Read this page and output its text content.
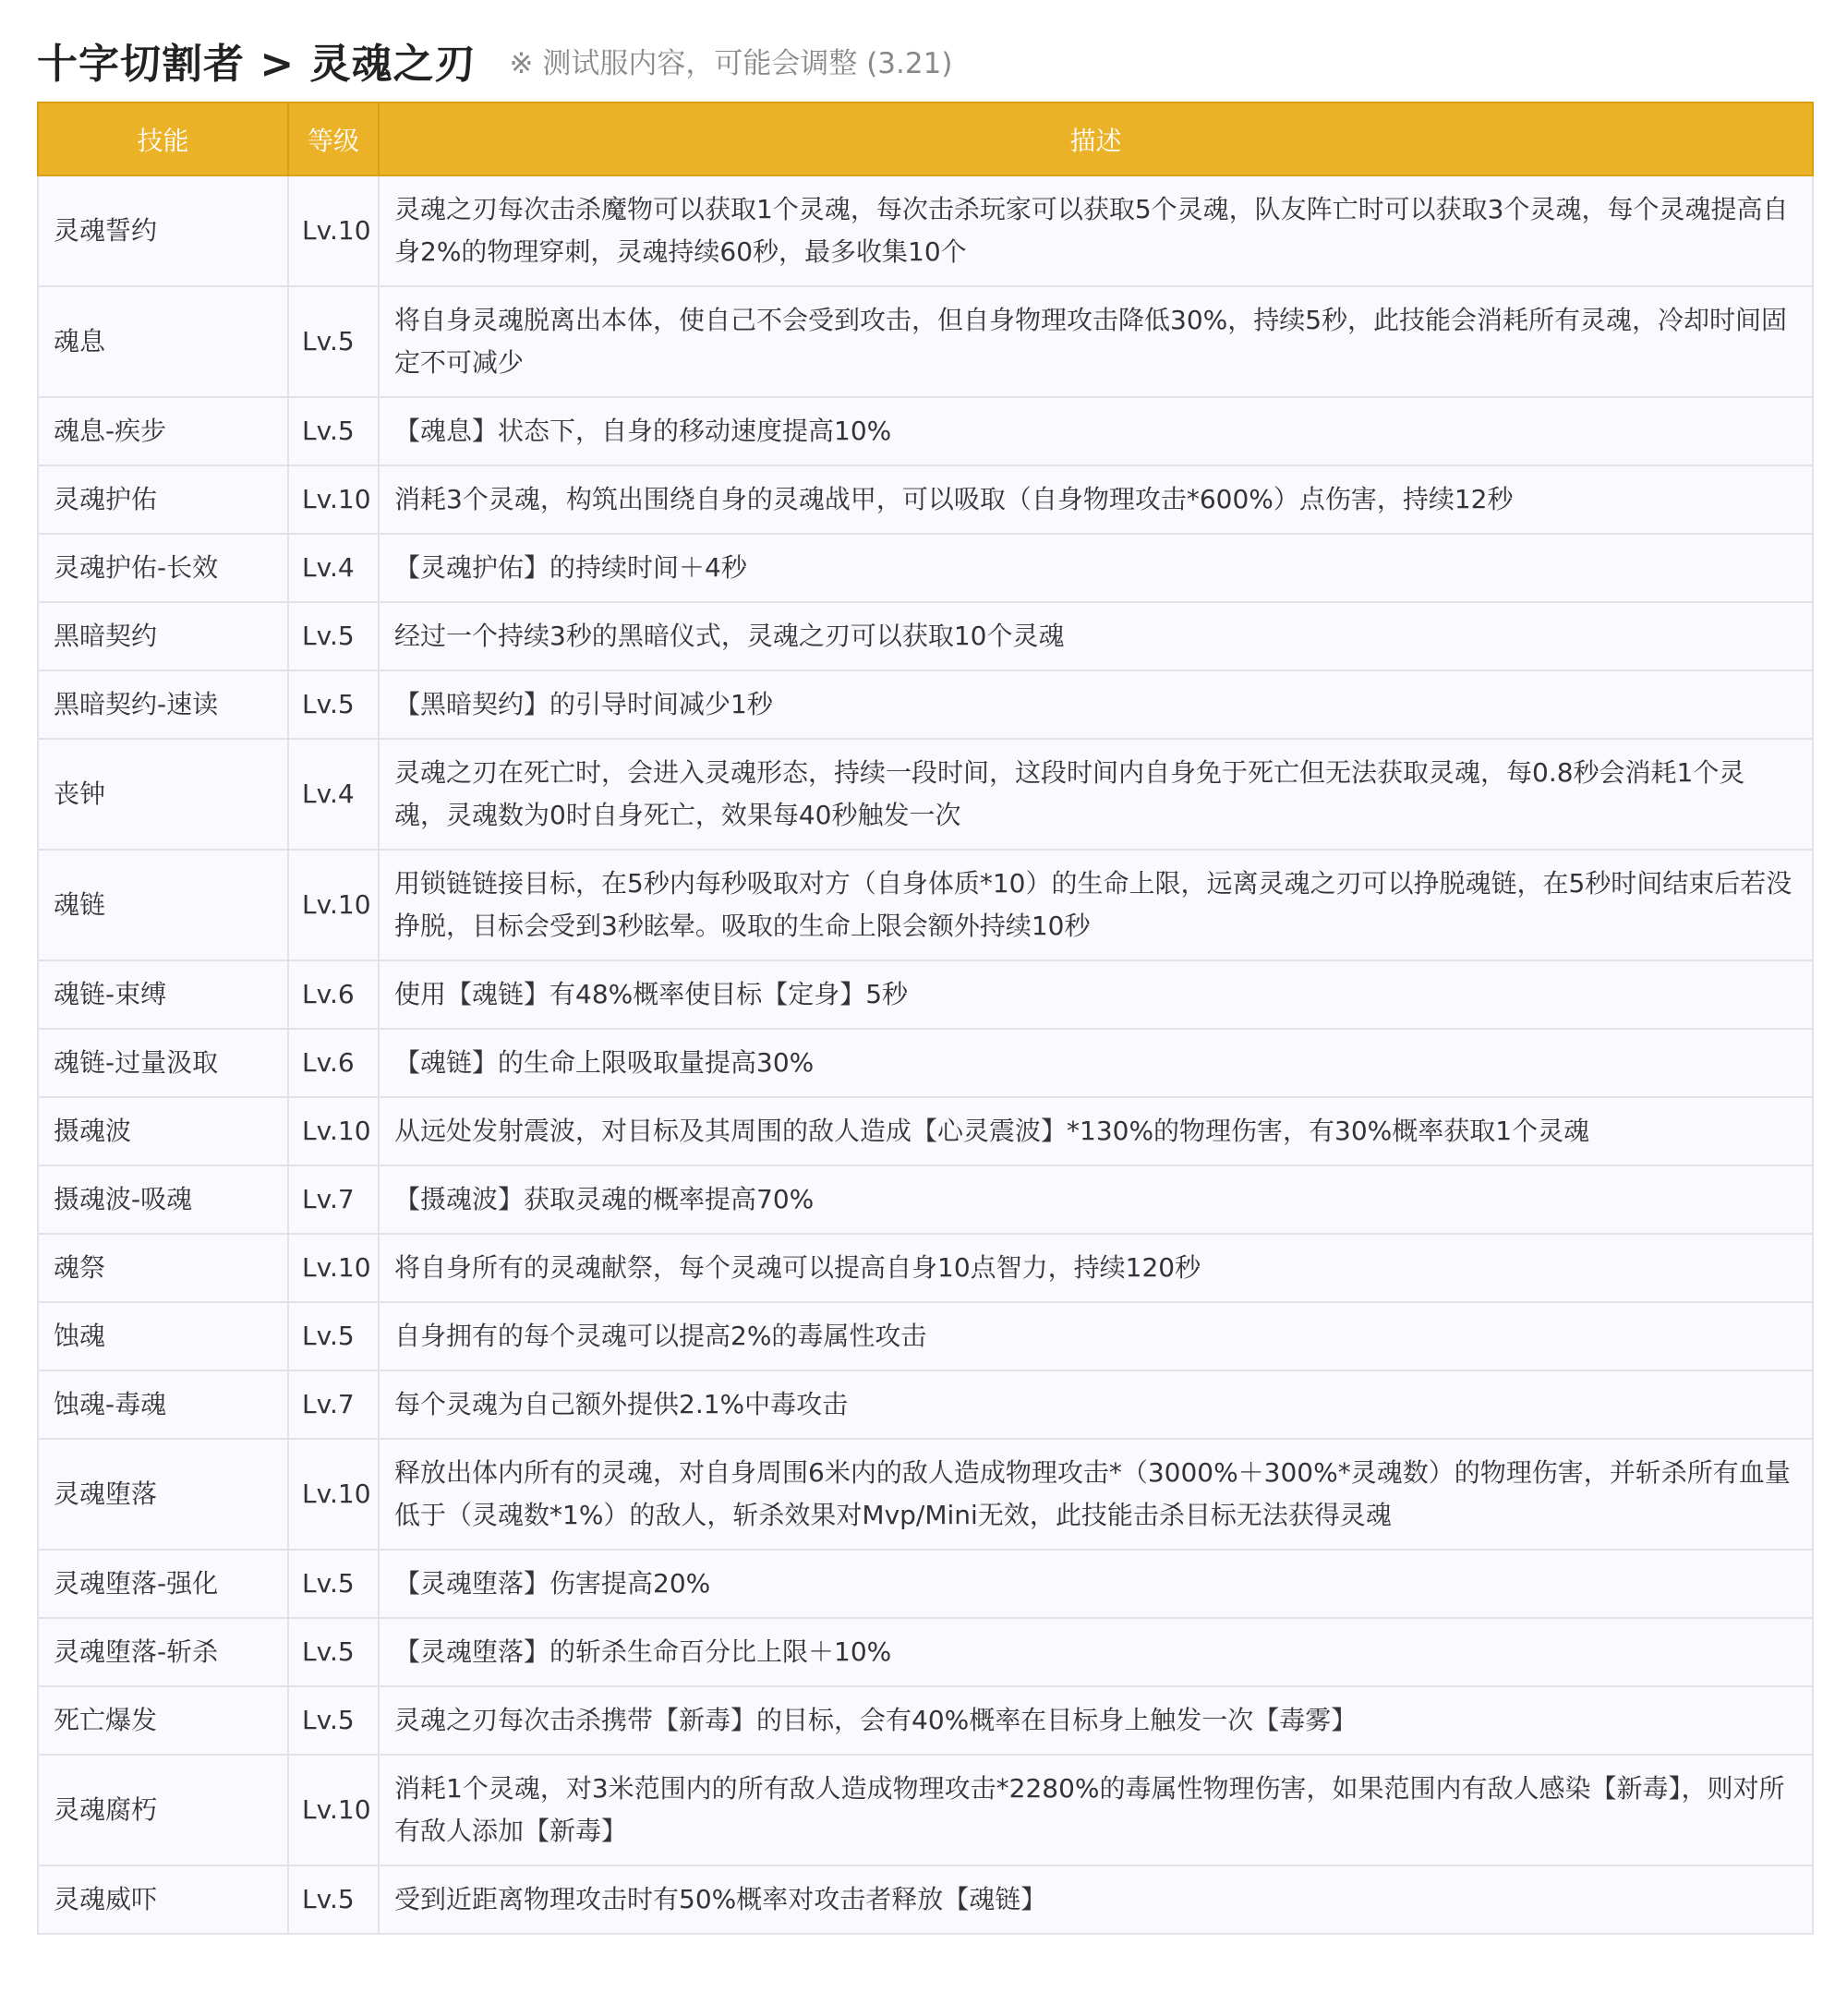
十字切割者 > 灵魂之刃 ※ 测试服内容，可能会调整 (3.21)
技能	等级	描述
灵魂誓约	Lv.10	灵魂之刃每次击杀魔物可以获取1个灵魂，每次击杀玩家可以获取5个灵魂，队友阵亡时可以获取3个灵魂，每个灵魂提高自身2%的物理穿刺，灵魂持续60秒，最多收集10个
魂息	Lv.5	将自身灵魂脱离出本体，使自己不会受到攻击，但自身物理攻击降低30%，持续5秒，此技能会消耗所有灵魂，冷却时间固定不可减少
魂息-疾步	Lv.5	【魂息】状态下，自身的移动速度提高10%
灵魂护佑	Lv.10	消耗3个灵魂，构筑出围绕自身的灵魂战甲，可以吸取（自身物理攻击*600%）点伤害，持续12秒
灵魂护佑-长效	Lv.4	【灵魂护佑】的持续时间＋4秒
黑暗契约	Lv.5	经过一个持续3秒的黑暗仪式，灵魂之刃可以获取10个灵魂
黑暗契约-速读	Lv.5	【黑暗契约】的引导时间减少1秒
丧钟	Lv.4	灵魂之刃在死亡时，会进入灵魂形态，持续一段时间，这段时间内自身免于死亡但无法获取灵魂，每0.8秒会消耗1个灵魂，灵魂数为0时自身死亡，效果每40秒触发一次
魂链	Lv.10	用锁链链接目标，在5秒内每秒吸取对方（自身体质*10）的生命上限，远离灵魂之刃可以挣脱魂链，在5秒时间结束后若没挣脱，目标会受到3秒眩晕。吸取的生命上限会额外持续10秒
魂链-束缚	Lv.6	使用【魂链】有48%概率使目标【定身】5秒
魂链-过量汲取	Lv.6	【魂链】的生命上限吸取量提高30%
摄魂波	Lv.10	从远处发射震波，对目标及其周围的敌人造成【心灵震波】*130%的物理伤害，有30%概率获取1个灵魂
摄魂波-吸魂	Lv.7	【摄魂波】获取灵魂的概率提高70%
魂祭	Lv.10	将自身所有的灵魂献祭，每个灵魂可以提高自身10点智力，持续120秒
蚀魂	Lv.5	自身拥有的每个灵魂可以提高2%的毒属性攻击
蚀魂-毒魂	Lv.7	每个灵魂为自己额外提供2.1%中毒攻击
灵魂堕落	Lv.10	释放出体内所有的灵魂，对自身周围6米内的敌人造成物理攻击*（3000%＋300%*灵魂数）的物理伤害，并斩杀所有血量低于（灵魂数*1%）的敌人，斩杀效果对Mvp/Mini无效，此技能击杀目标无法获得灵魂
灵魂堕落-强化	Lv.5	【灵魂堕落】伤害提高20%
灵魂堕落-斩杀	Lv.5	【灵魂堕落】的斩杀生命百分比上限＋10%
死亡爆发	Lv.5	灵魂之刃每次击杀携带【新毒】的目标，会有40%概率在目标身上触发一次【毒雾】
灵魂腐朽	Lv.10	消耗1个灵魂，对3米范围内的所有敌人造成物理攻击*2280%的毒属性物理伤害，如果范围内有敌人感染【新毒】，则对所有敌人添加【新毒】
灵魂威吓	Lv.5	受到近距离物理攻击时有50%概率对攻击者释放【魂链】
